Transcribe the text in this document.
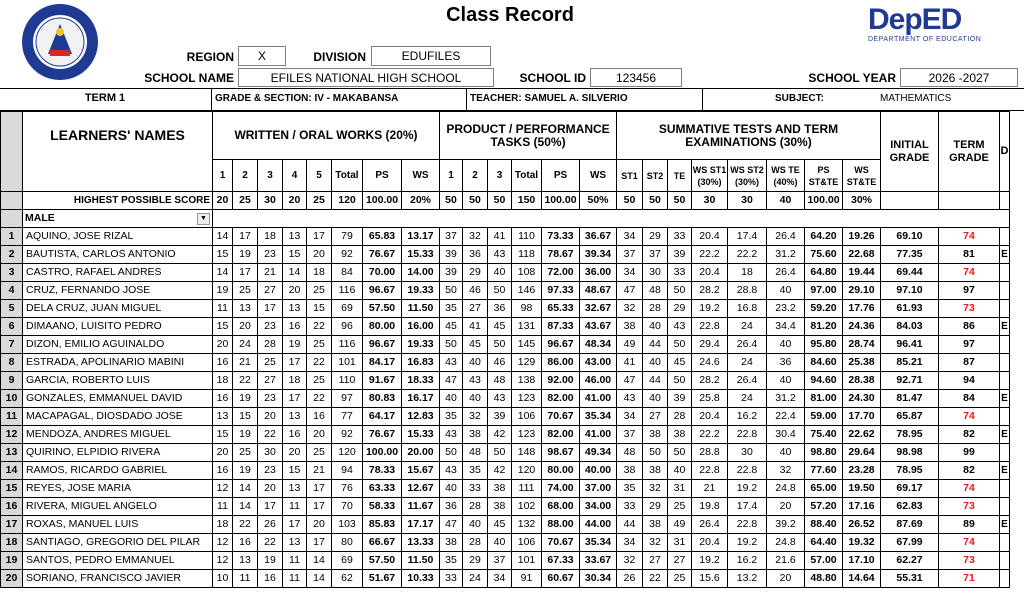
Class Record	DepED
DEPARTMENT OF EDUCATION
REGION	X	DIVISION	EDUFILES
SCHOOL NAME	EFILES NATIONAL HIGH SCHOOL	SCHOOL ID	123456	SCHOOL YEAR	2026 -2027
TERM 1	GRADE & SECTION: IV - MAKABANSA	TEACHER: SAMUEL A. SILVERIO	SUBJECT:	MATHEMATICS
	LEARNERS' NAMES	WRITTEN / ORAL WORKS (20%)								PRODUCT / PERFORMANCE TASKS (50%)						SUMMATIVE TESTS AND TERM EXAMINATIONS (30%)								INITIAL GRADE	TERM GRADE	D
		1	2	3	4	5	Total	PS	WS	1	2	3	Total	PS	WS	ST1	ST2	TE	WS ST1 (30%)	WS ST2 (30%)	WS TE (40%)	PS ST&TE	WS ST&TE			
	HIGHEST POSSIBLE SCORE	20	25	30	20	25	120	100.00	20%	50	50	50	150	100.00	50%	50	50	50	30	30	40	100.00	30%			
	MALE ▼																									

1	AQUINO, JOSE RIZAL	14	17	18	13	17	79	65.83	13.17	37	32	41	110	73.33	36.67	34	29	33	20.4	17.4	26.4	64.20	19.26	69.10	74	
2	BAUTISTA, CARLOS ANTONIO	15	19	23	15	20	92	76.67	15.33	39	36	43	118	78.67	39.34	37	37	39	22.2	22.2	31.2	75.60	22.68	77.35	81	E
3	CASTRO, RAFAEL ANDRES	14	17	21	14	18	84	70.00	14.00	39	29	40	108	72.00	36.00	34	30	33	20.4	18	26.4	64.80	19.44	69.44	74	
4	CRUZ, FERNANDO JOSE	19	25	27	20	25	116	96.67	19.33	50	46	50	146	97.33	48.67	47	48	50	28.2	28.8	40	97.00	29.10	97.10	97	
5	DELA CRUZ, JUAN MIGUEL	11	13	17	13	15	69	57.50	11.50	35	27	36	98	65.33	32.67	32	28	29	19.2	16.8	23.2	59.20	17.76	61.93	73	
6	DIMAANO, LUISITO PEDRO	15	20	23	16	22	96	80.00	16.00	45	41	45	131	87.33	43.67	38	40	43	22.8	24	34.4	81.20	24.36	84.03	86	E
7	DIZON, EMILIO AGUINALDO	20	24	28	19	25	116	96.67	19.33	50	45	50	145	96.67	48.34	49	44	50	29.4	26.4	40	95.80	28.74	96.41	97	
8	ESTRADA, APOLINARIO MABINI	16	21	25	17	22	101	84.17	16.83	43	40	46	129	86.00	43.00	41	40	45	24.6	24	36	84.60	25.38	85.21	87	
9	GARCIA, ROBERTO LUIS	18	22	27	18	25	110	91.67	18.33	47	43	48	138	92.00	46.00	47	44	50	28.2	26.4	40	94.60	28.38	92.71	94	
10	GONZALES, EMMANUEL DAVID	16	19	23	17	22	97	80.83	16.17	40	40	43	123	82.00	41.00	43	40	39	25.8	24	31.2	81.00	24.30	81.47	84	E
11	MACAPAGAL, DIOSDADO JOSE	13	15	20	13	16	77	64.17	12.83	35	32	39	106	70.67	35.34	34	27	28	20.4	16.2	22.4	59.00	17.70	65.87	74	
12	MENDOZA, ANDRES MIGUEL	15	19	22	16	20	92	76.67	15.33	43	38	42	123	82.00	41.00	37	38	38	22.2	22.8	30.4	75.40	22.62	78.95	82	E
13	QUIRINO, ELPIDIO RIVERA	20	25	30	20	25	120	100.00	20.00	50	48	50	148	98.67	49.34	48	50	50	28.8	30	40	98.80	29.64	98.98	99	
14	RAMOS, RICARDO GABRIEL	16	19	23	15	21	94	78.33	15.67	43	35	42	120	80.00	40.00	38	38	40	22.8	22.8	32	77.60	23.28	78.95	82	E
15	REYES, JOSE MARIA	12	14	20	13	17	76	63.33	12.67	40	33	38	111	74.00	37.00	35	32	31	21	19.2	24.8	65.00	19.50	69.17	74	
16	RIVERA, MIGUEL ANGELO	11	14	17	11	17	70	58.33	11.67	36	28	38	102	68.00	34.00	33	29	25	19.8	17.4	20	57.20	17.16	62.83	73	
17	ROXAS, MANUEL LUIS	18	22	26	17	20	103	85.83	17.17	47	40	45	132	88.00	44.00	44	38	49	26.4	22.8	39.2	88.40	26.52	87.69	89	E
18	SANTIAGO, GREGORIO DEL PILAR	12	16	22	13	17	80	66.67	13.33	38	28	40	106	70.67	35.34	34	32	31	20.4	19.2	24.8	64.40	19.32	67.99	74	
19	SANTOS, PEDRO EMMANUEL	12	13	19	11	14	69	57.50	11.50	35	29	37	101	67.33	33.67	32	27	27	19.2	16.2	21.6	57.00	17.10	62.27	73	
20	SORIANO, FRANCISCO JAVIER	10	11	16	11	14	62	51.67	10.33	33	24	34	91	60.67	30.34	26	22	25	15.6	13.2	20	48.80	14.64	55.31	71	
